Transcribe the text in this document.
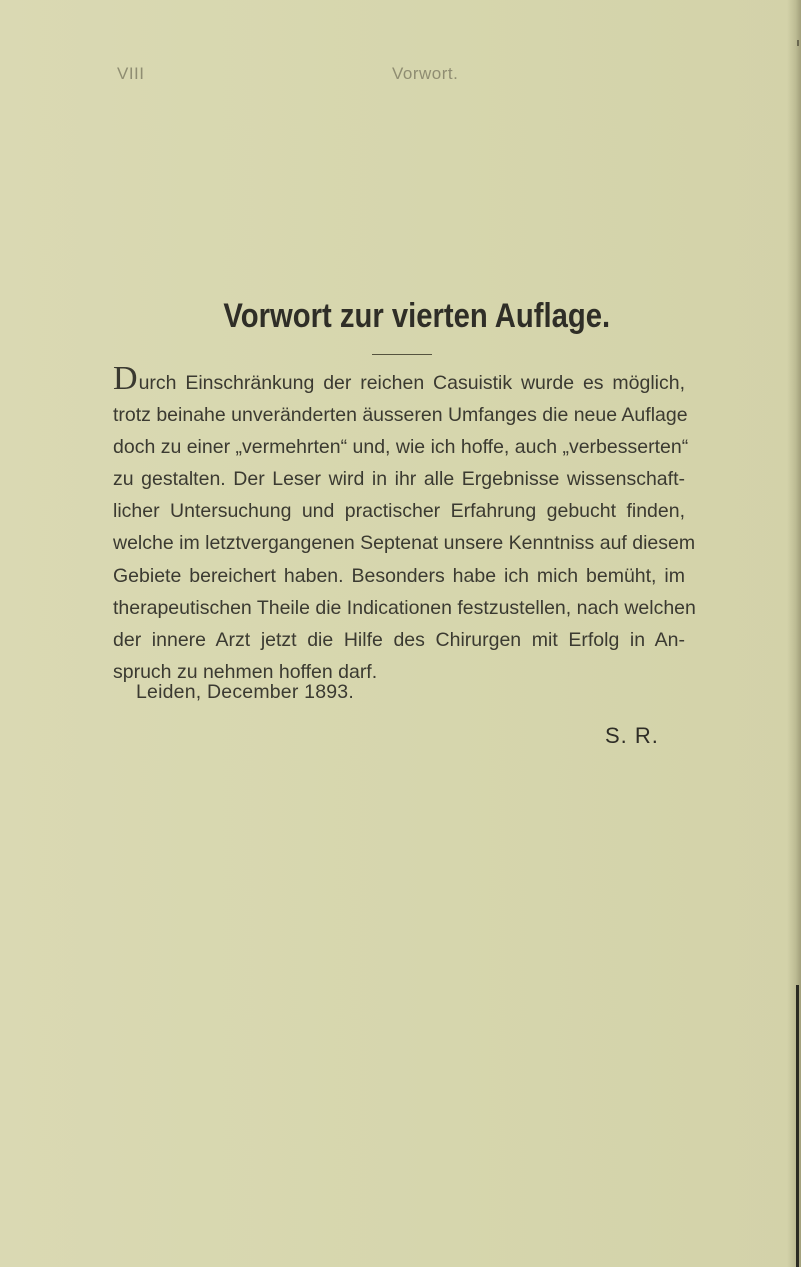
VIII	Vorwort.
Vorwort zur vierten Auflage.
Durch Einschränkung der reichen Casuistik wurde es möglich,
trotz beinahe unveränderten äusseren Umfanges die neue Auflage
doch zu einer „vermehrten“ und, wie ich hoffe, auch „verbesserten“
zu gestalten. Der Leser wird in ihr alle Ergebnisse wissenschaft-
licher Untersuchung und practischer Erfahrung gebucht finden,
welche im letztvergangenen Septenat unsere Kenntniss auf diesem
Gebiete bereichert haben. Besonders habe ich mich bemüht, im
therapeutischen Theile die Indicationen festzustellen, nach welchen
der innere Arzt jetzt die Hilfe des Chirurgen mit Erfolg in An-
spruch zu nehmen hoffen darf.
Leiden, December 1893.
S. R.
